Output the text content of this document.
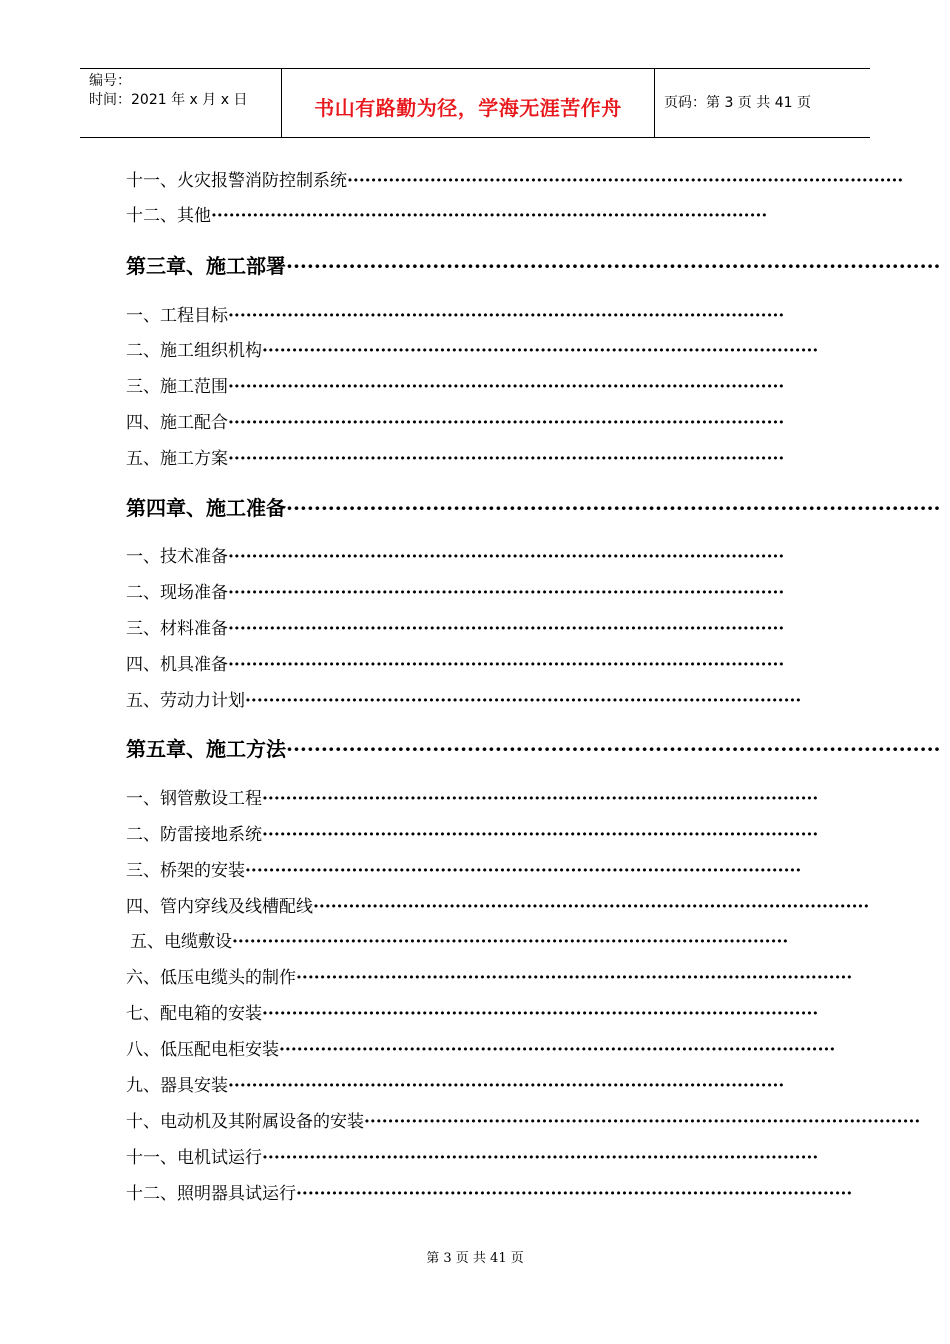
编号：
时间：2021 年 x 月 x 日	书山有路勤为径，学海无涯苦作舟	页码：第 3 页 共 41 页
十一、火灾报警消防控制系统······························································································
十二、其他······························································································
第三章、施工部署······························································································
一、工程目标······························································································
二、施工组织机构······························································································
三、施工范围······························································································
四、施工配合······························································································
五、施工方案······························································································
第四章、施工准备······························································································
一、技术准备······························································································
二、现场准备······························································································
三、材料准备······························································································
四、机具准备······························································································
五、劳动力计划······························································································
第五章、施工方法······························································································
一、钢管敷设工程······························································································
二、防雷接地系统······························································································
三、桥架的安装······························································································
四、管内穿线及线槽配线······························································································
五、电缆敷设······························································································
六、低压电缆头的制作······························································································
七、配电箱的安装······························································································
八、低压配电柜安装······························································································
九、器具安装······························································································
十、电动机及其附属设备的安装······························································································
十一、电机试运行······························································································
十二、照明器具试运行······························································································
第 3 页 共 41 页
